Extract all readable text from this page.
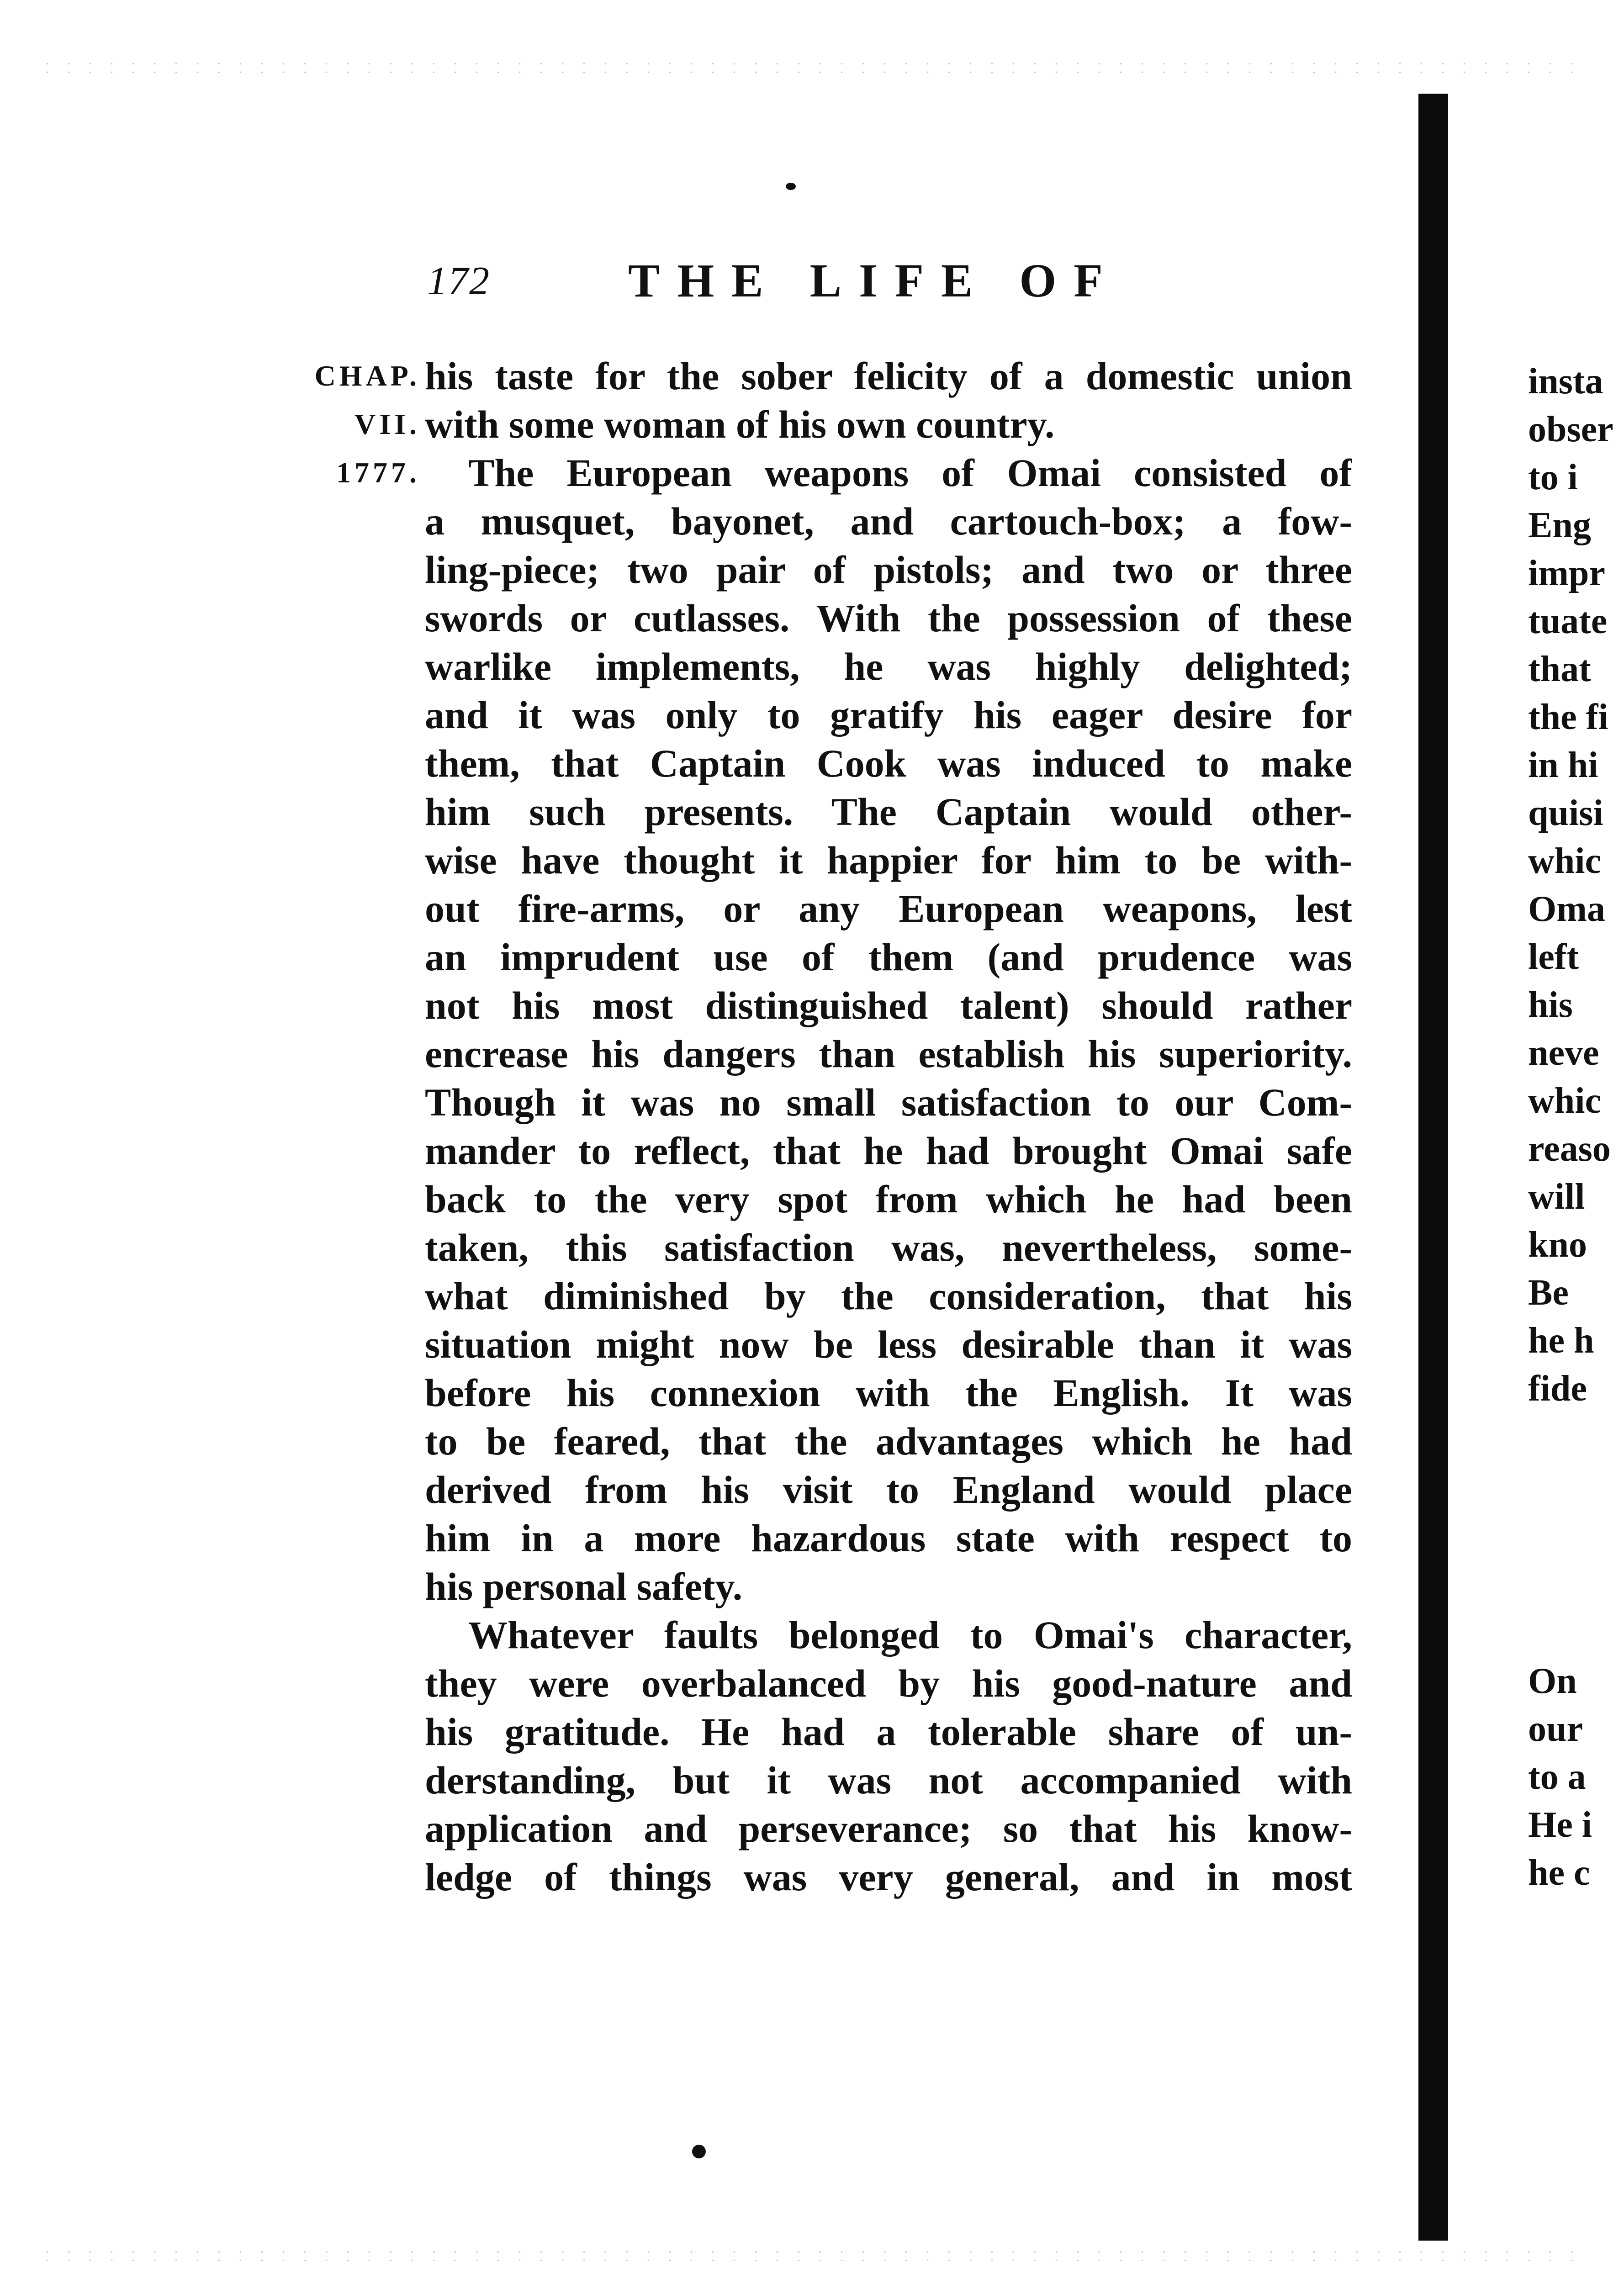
172	THE LIFE OF
CHAP.
VII.
1777.
his taste for the sober felicity of a domestic union
with some woman of his own country.
The European weapons of Omai consisted of
a musquet, bayonet, and cartouch-box; a fow-
ling-piece; two pair of pistols; and two or three
swords or cutlasses. With the possession of these
warlike implements, he was highly delighted;
and it was only to gratify his eager desire for
them, that Captain Cook was induced to make
him such presents. The Captain would other-
wise have thought it happier for him to be with-
out fire-arms, or any European weapons, lest
an imprudent use of them (and prudence was
not his most distinguished talent) should rather
encrease his dangers than establish his superiority.
Though it was no small satisfaction to our Com-
mander to reflect, that he had brought Omai safe
back to the very spot from which he had been
taken, this satisfaction was, nevertheless, some-
what diminished by the consideration, that his
situation might now be less desirable than it was
before his connexion with the English. It was
to be feared, that the advantages which he had
derived from his visit to England would place
him in a more hazardous state with respect to
his personal safety.
Whatever faults belonged to Omai's character,
they were overbalanced by his good-nature and
his gratitude. He had a tolerable share of un-
derstanding, but it was not accompanied with
application and perseverance; so that his know-
ledge of things was very general, and in most
insta
obser
to i
Eng
impr
tuate
that
the fi
in hi
quisi
whic
Oma
left
his
neve
whic
reaso
will
kno
Be
he h
fide
On
our
to a
He i
he c
